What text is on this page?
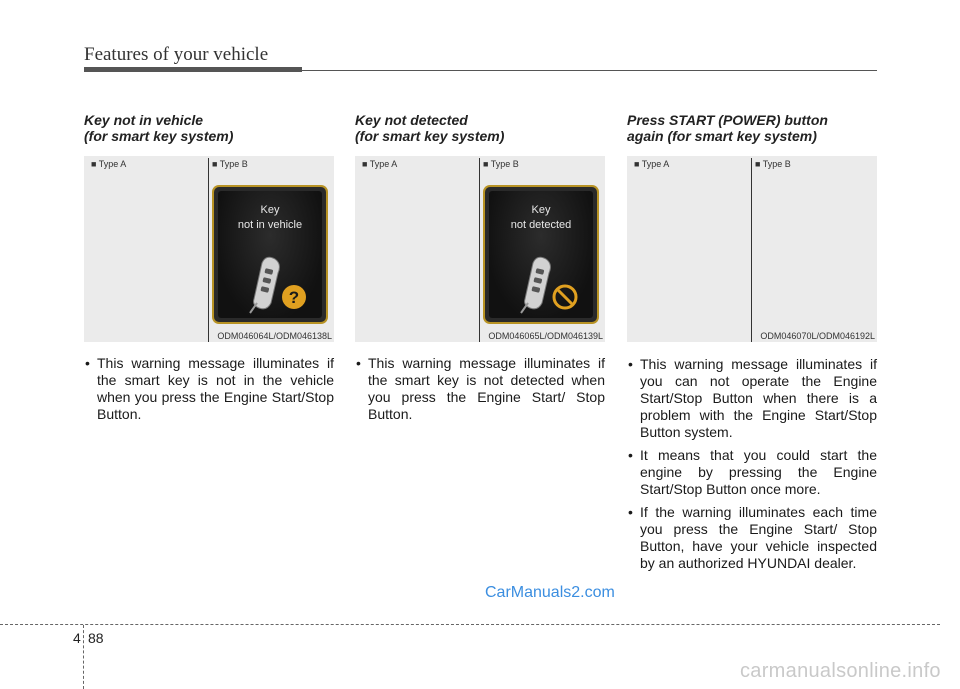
Features of your vehicle
Key not in vehicle
(for smart key system)
■ Type A	■ Type B
Key
not in vehicle
?
ODM046064L/ODM046138L
• This warning message illuminates if the smart key is not in the vehicle when you press the Engine Start/Stop Button.
Key not detected
(for smart key system)
■ Type A	■ Type B
Key
not detected
ODM046065L/ODM046139L
• This warning message illuminates if the smart key is not detected when you press the Engine Start/ Stop Button.
Press START (POWER) button
again (for smart key system)
■ Type A	■ Type B
ODM046070L/ODM046192L
• This warning message illuminates if you can not operate the Engine Start/Stop Button when there is a problem with the Engine Start/Stop Button system.
• It means that you could start the engine by pressing the Engine Start/Stop Button once more.
• If the warning illuminates each time you press the Engine Start/ Stop Button, have your vehicle inspected by an authorized HYUNDAI dealer.
CarManuals2.com
4 88
carmanualsonline.info
